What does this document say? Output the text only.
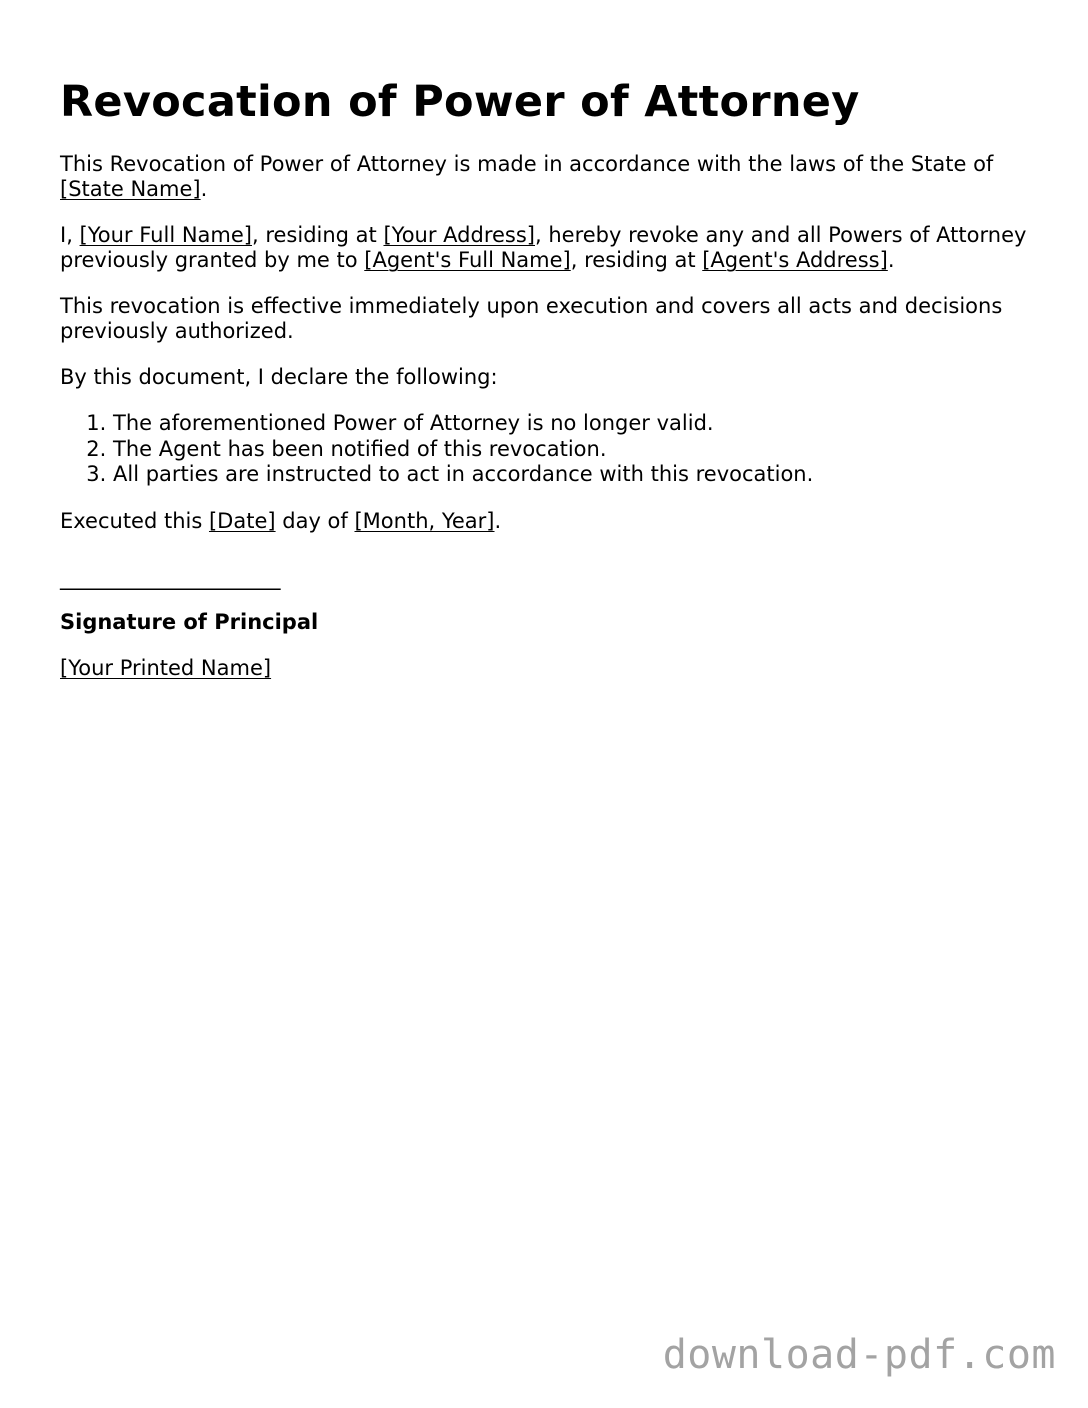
Revocation of Power of Attorney

This Revocation of Power of Attorney is made in accordance with the laws of the State of [State Name].

I, [Your Full Name], residing at [Your Address], hereby revoke any and all Powers of Attorney previously granted by me to [Agent's Full Name], residing at [Agent's Address].

This revocation is effective immediately upon execution and covers all acts and decisions previously authorized.

By this document, I declare the following:

1. The aforementioned Power of Attorney is no longer valid.
2. The Agent has been notified of this revocation.
3. All parties are instructed to act in accordance with this revocation.

Executed this [Date] day of [Month, Year].

_____________________

Signature of Principal

[Your Printed Name]

download-pdf.com
